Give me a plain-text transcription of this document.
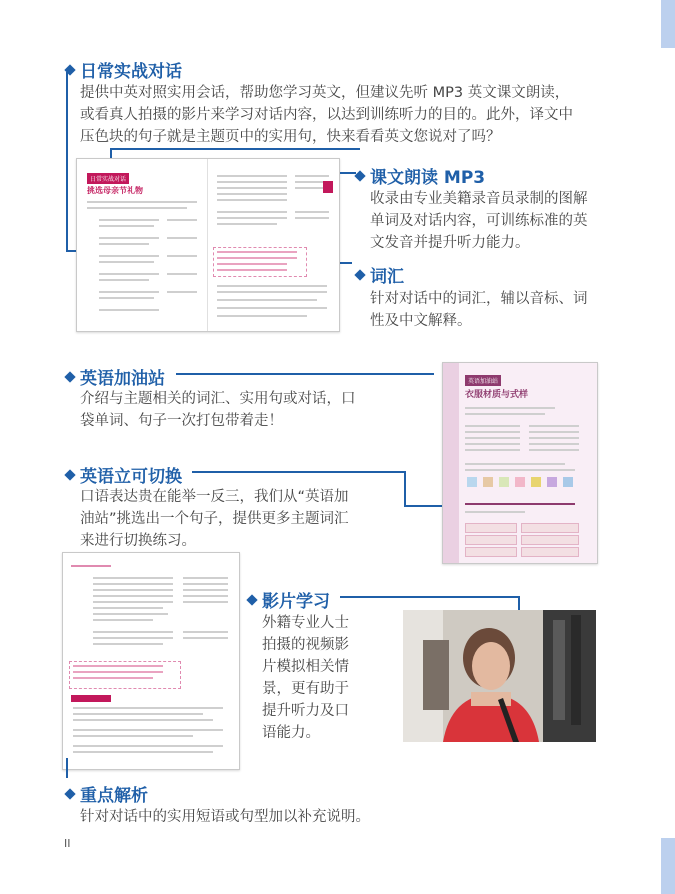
日常实战对话
提供中英对照实用会话，帮助您学习英文，但建议先听 MP3 英文课文朗读，
或看真人拍摄的影片来学习对话内容，以达到训练听力的目的。此外，译文中
压色块的句子就是主题页中的实用句，快来看看英文您说对了吗？
日常实战对话
挑选母亲节礼物
课文朗读 MP3
收录由专业美籍录音员录制的图解
单词及对话内容，可训练标准的英
文发音并提升听力能力。
词汇
针对对话中的词汇，辅以音标、词
性及中文解释。
英语加油站
介绍与主题相关的词汇、实用句或对话，口
袋单词、句子一次打包带着走！
英语立可切换
口语表达贵在能举一反三，我们从“英语加
油站”挑选出一个句子，提供更多主题词汇
来进行切换练习。
英语加油站
衣服材质与式样
影片学习
外籍专业人士
拍摄的视频影
片模拟相关情
景，更有助于
提升听力及口
语能力。
重点解析
针对对话中的实用短语或句型加以补充说明。
II
